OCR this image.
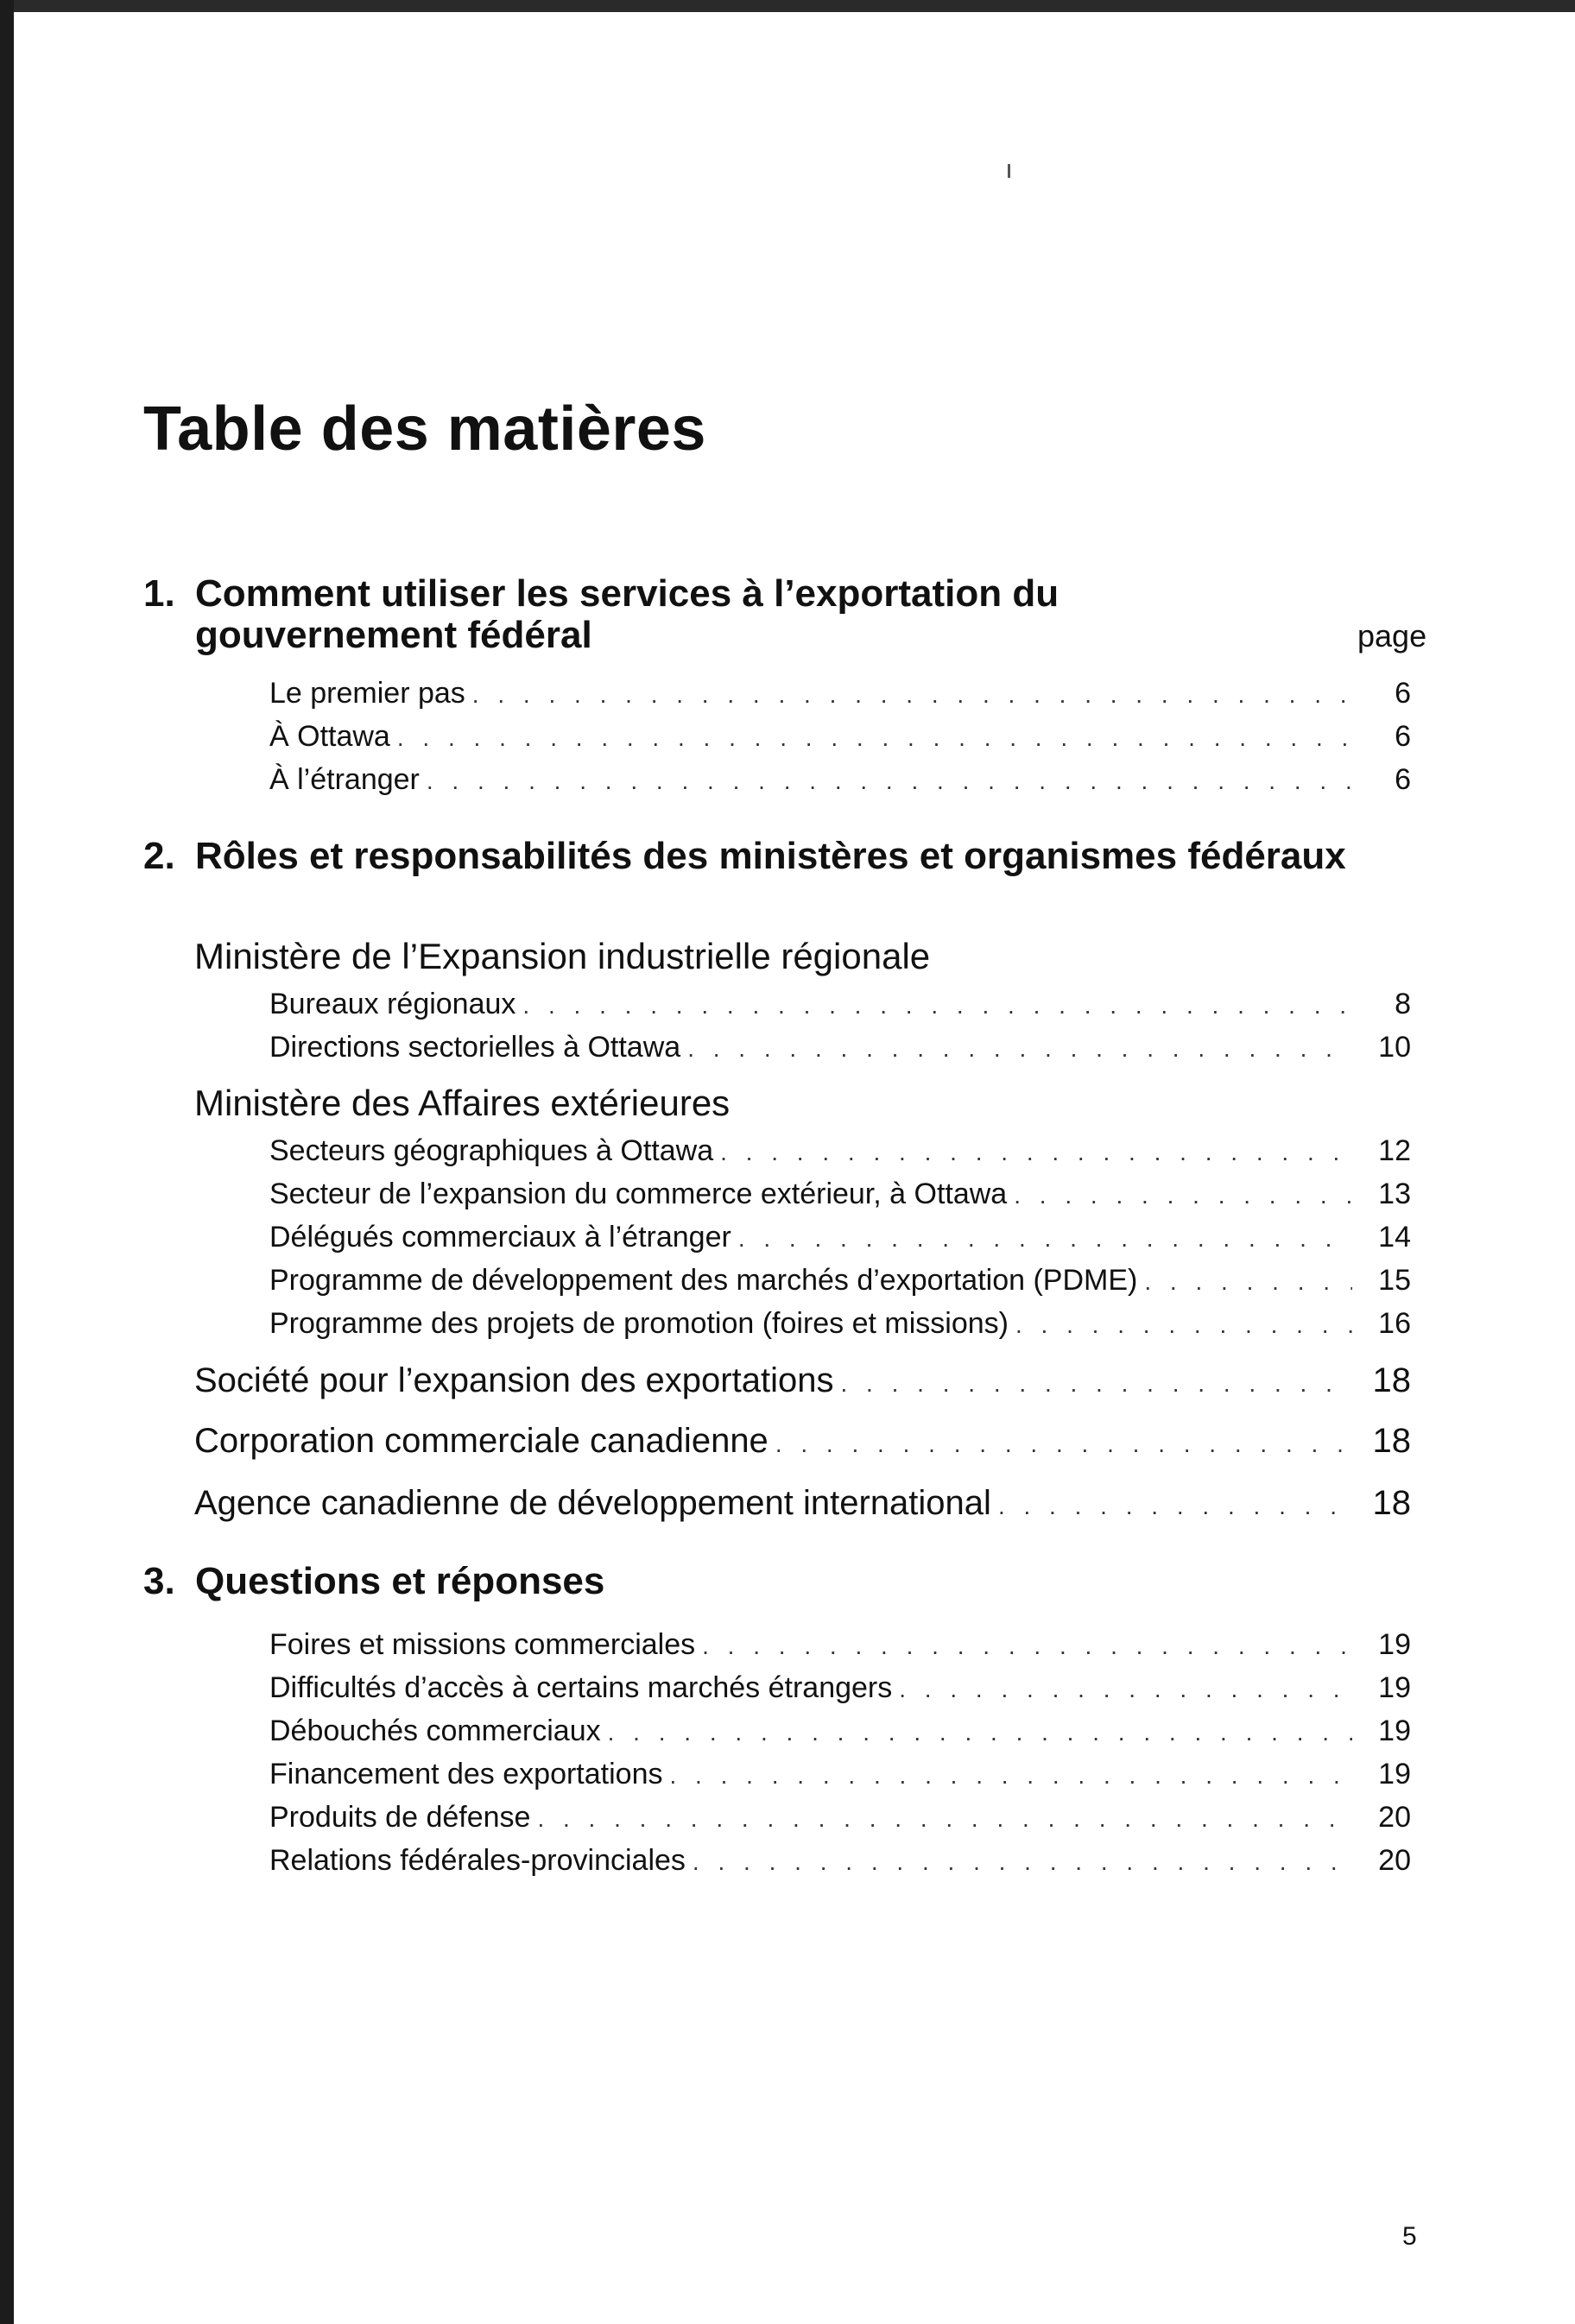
Table des matières
1. Comment utiliser les services à l’exportation du gouvernement fédéral	page
Le premier pas . . .	6
À Ottawa . . .	6
À l’étranger . . .	6
2. Rôles et responsabilités des ministères et organismes fédéraux
Ministère de l’Expansion industrielle régionale
Bureaux régionaux . . .	8
Directions sectorielles à Ottawa . . .	10
Ministère des Affaires extérieures
Secteurs géographiques à Ottawa . . .	12
Secteur de l’expansion du commerce extérieur, à Ottawa . . .	13
Délégués commerciaux à l’étranger . . .	14
Programme de développement des marchés d’exportation (PDME) . . .	15
Programme des projets de promotion (foires et missions) . . .	16
Société pour l’expansion des exportations . . .	18
Corporation commerciale canadienne . . .	18
Agence canadienne de développement international . . .	18
3. Questions et réponses
Foires et missions commerciales . . .	19
Difficultés d’accès à certains marchés étrangers . . .	19
Débouchés commerciaux . . .	19
Financement des exportations . . .	19
Produits de défense . . .	20
Relations fédérales-provinciales . . .	20
5
